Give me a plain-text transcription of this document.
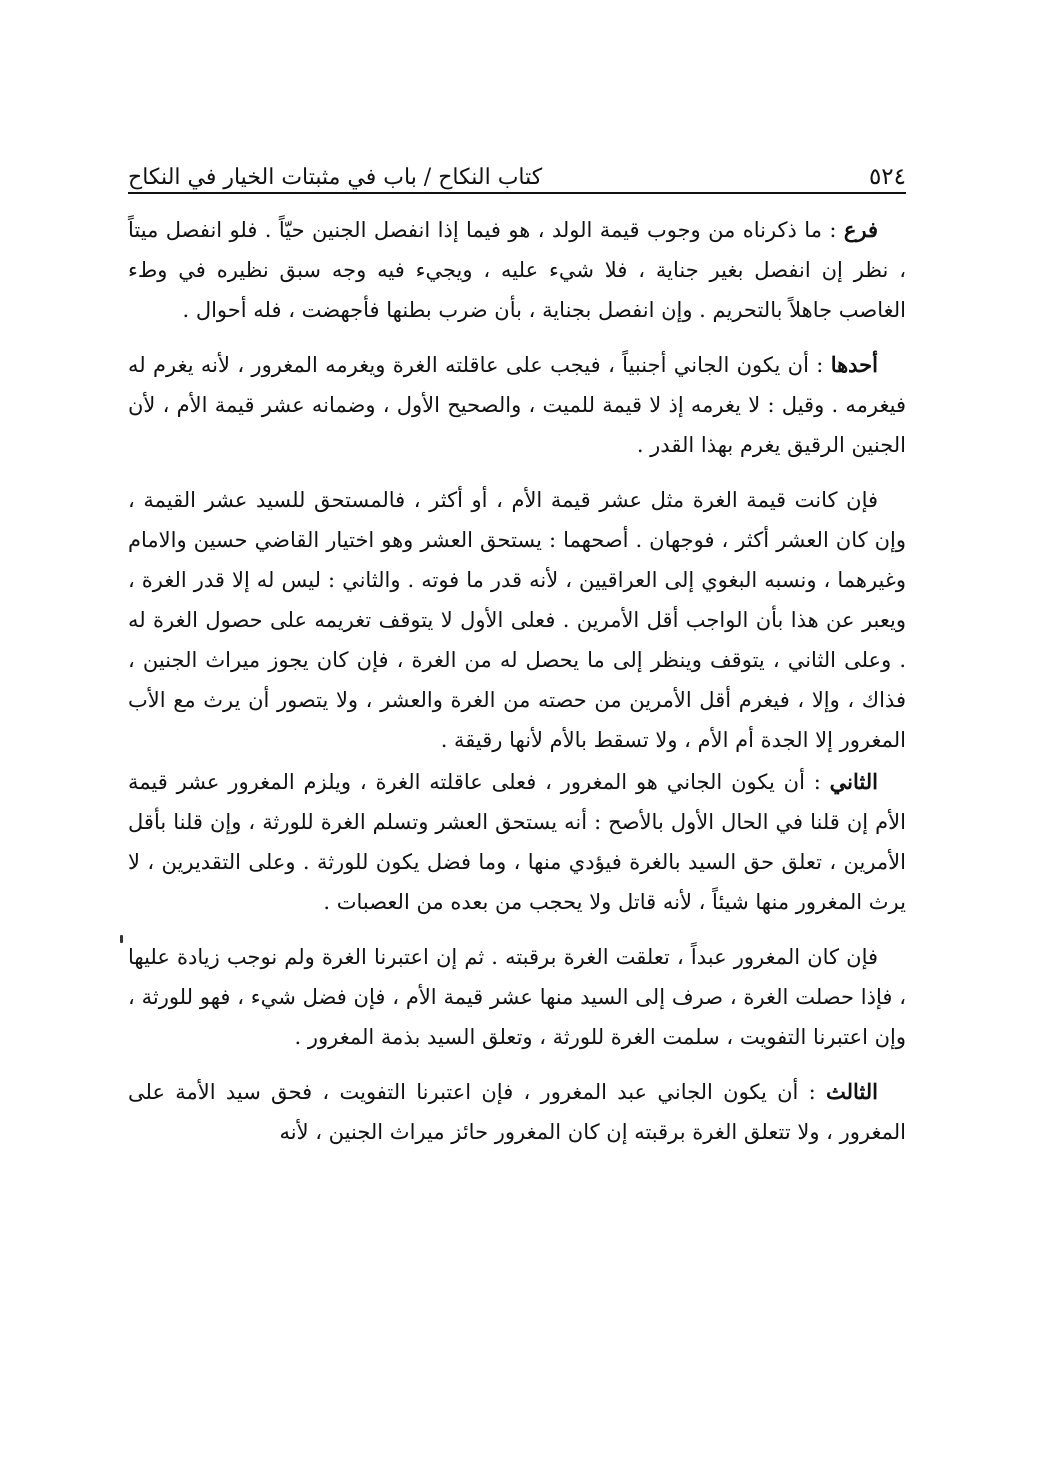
٥٢٤
كتاب النكاح / باب في مثبتات الخيار في النكاح

فرع : ما ذكرناه من وجوب قيمة الولد ، هو فيما إذا انفصل الجنين حيّاً . فلو انفصل ميتاً ، نظر إن انفصل بغير جناية ، فلا شيء عليه ، ويجيء فيه وجه سبق نظيره في وطء الغاصب جاهلاً بالتحريم . وإن انفصل بجناية ، بأن ضرب بطنها فأجهضت ، فله أحوال .

أحدها : أن يكون الجاني أجنبياً ، فيجب على عاقلته الغرة ويغرمه المغرور ، لأنه يغرم له فيغرمه . وقيل : لا يغرمه إذ لا قيمة للميت ، والصحيح الأول ، وضمانه عشر قيمة الأم ، لأن الجنين الرقيق يغرم بهذا القدر .

فإن كانت قيمة الغرة مثل عشر قيمة الأم ، أو أكثر ، فالمستحق للسيد عشر القيمة ، وإن كان العشر أكثر ، فوجهان . أصحهما : يستحق العشر وهو اختيار القاضي حسين والامام وغيرهما ، ونسبه البغوي إلى العراقيين ، لأنه قدر ما فوته . والثاني : ليس له إلا قدر الغرة ، ويعبر عن هذا بأن الواجب أقل الأمرين . فعلى الأول لا يتوقف تغريمه على حصول الغرة له . وعلى الثاني ، يتوقف وينظر إلى ما يحصل له من الغرة ، فإن كان يجوز ميراث الجنين ، فذاك ، وإلا ، فيغرم أقل الأمرين من حصته من الغرة والعشر ، ولا يتصور أن يرث مع الأب المغرور إلا الجدة أم الأم ، ولا تسقط بالأم لأنها رقيقة .

الثاني : أن يكون الجاني هو المغرور ، فعلى عاقلته الغرة ، ويلزم المغرور عشر قيمة الأم إن قلنا في الحال الأول بالأصح : أنه يستحق العشر وتسلم الغرة للورثة ، وإن قلنا بأقل الأمرين ، تعلق حق السيد بالغرة فيؤدي منها ، وما فضل يكون للورثة . وعلى التقديرين ، لا يرث المغرور منها شيئاً ، لأنه قاتل ولا يحجب من بعده من العصبات .

فإن كان المغرور عبداً ، تعلقت الغرة برقبته . ثم إن اعتبرنا الغرة ولم نوجب زيادة عليها ، فإذا حصلت الغرة ، صرف إلى السيد منها عشر قيمة الأم ، فإن فضل شيء ، فهو للورثة ، وإن اعتبرنا التفويت ، سلمت الغرة للورثة ، وتعلق السيد بذمة المغرور .

الثالث : أن يكون الجاني عبد المغرور ، فإن اعتبرنا التفويت ، فحق سيد الأمة على المغرور ، ولا تتعلق الغرة برقبته إن كان المغرور حائز ميراث الجنين ، لأنه
